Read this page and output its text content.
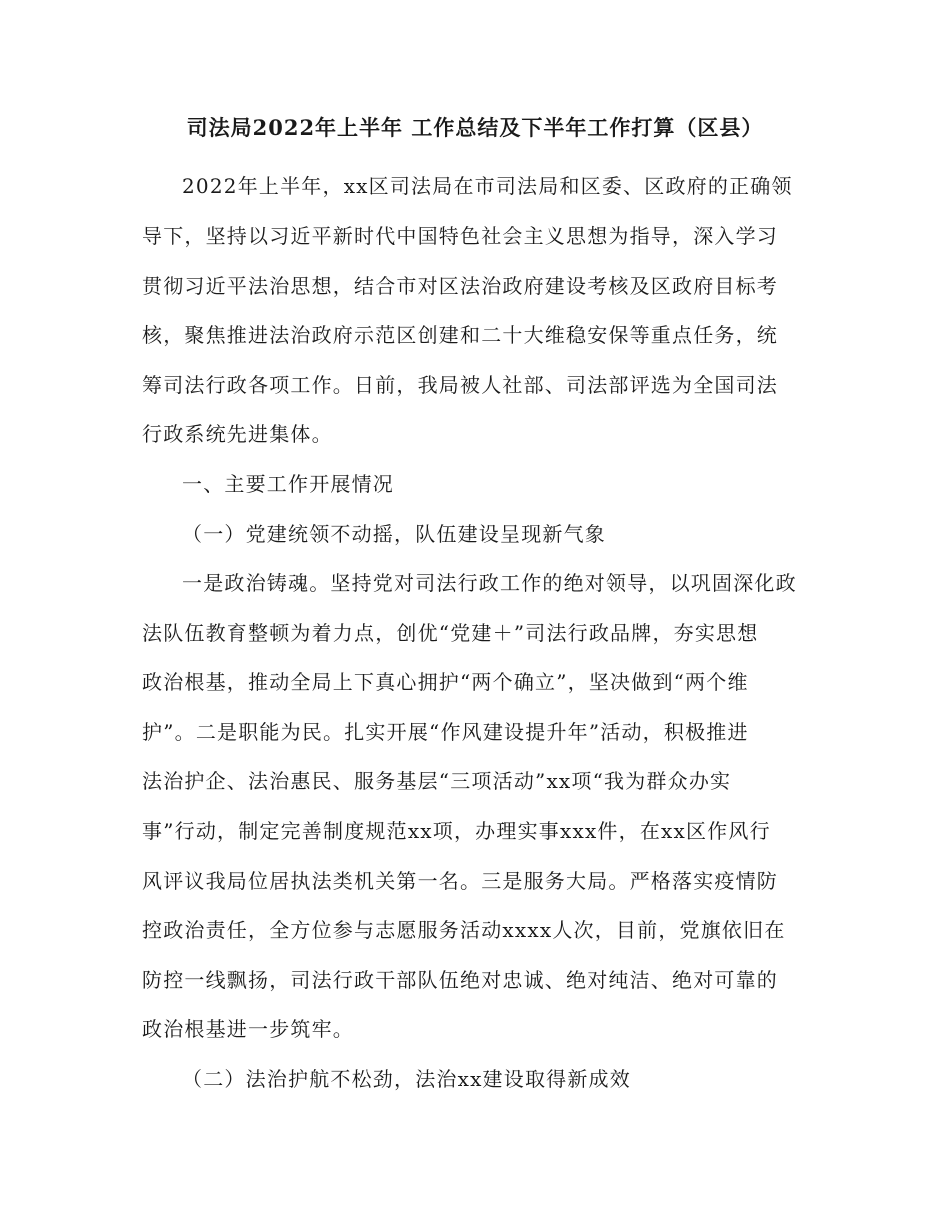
司法局2022年上半年 工作总结及下半年工作打算（区县）
2022年上半年，xx区司法局在市司法局和区委、区政府的正确领
导下，坚持以习近平新时代中国特色社会主义思想为指导，深入学习
贯彻习近平法治思想，结合市对区法治政府建设考核及区政府目标考
核，聚焦推进法治政府示范区创建和二十大维稳安保等重点任务，统
筹司法行政各项工作。日前，我局被人社部、司法部评选为全国司法
行政系统先进集体。
一、主要工作开展情况
（一）党建统领不动摇，队伍建设呈现新气象
一是政治铸魂。坚持党对司法行政工作的绝对领导，以巩固深化政
法队伍教育整顿为着力点，创优“党建＋”司法行政品牌，夯实思想
政治根基，推动全局上下真心拥护“两个确立”，坚决做到“两个维
护”。二是职能为民。扎实开展“作风建设提升年”活动，积极推进
法治护企、法治惠民、服务基层“三项活动”xx项“我为群众办实
事”行动，制定完善制度规范xx项，办理实事xxx件，在xx区作风行
风评议我局位居执法类机关第一名。三是服务大局。严格落实疫情防
控政治责任，全方位参与志愿服务活动xxxx人次，目前，党旗依旧在
防控一线飘扬，司法行政干部队伍绝对忠诚、绝对纯洁、绝对可靠的
政治根基进一步筑牢。
（二）法治护航不松劲，法治xx建设取得新成效
